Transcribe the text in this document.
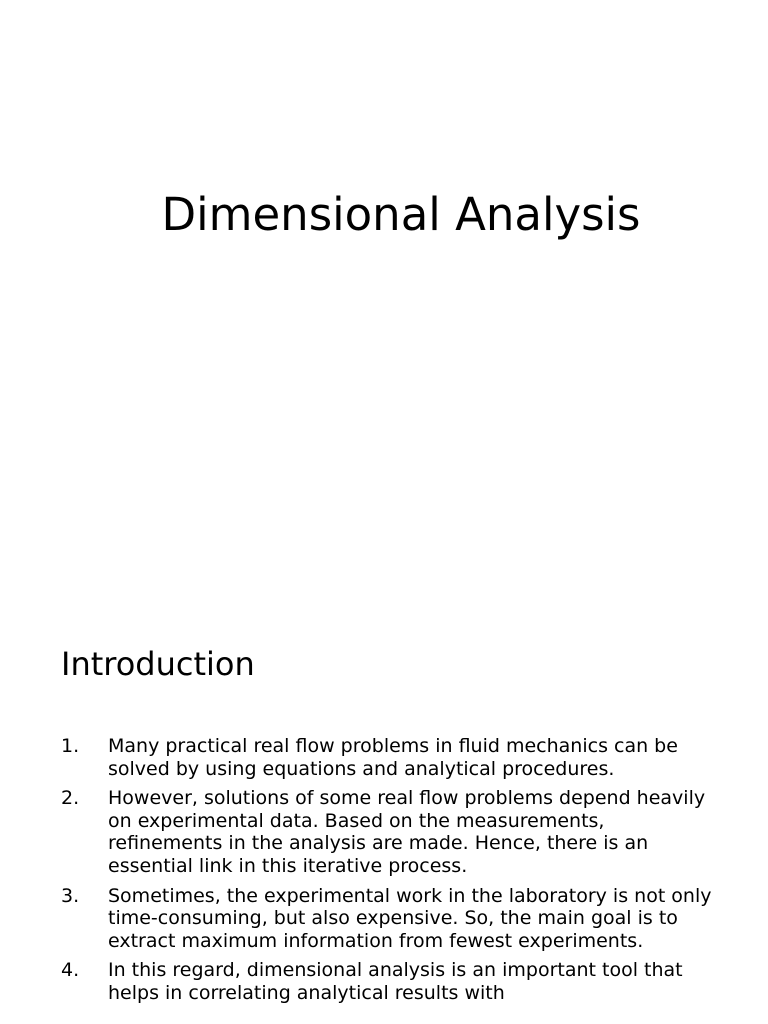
Dimensional Analysis
Introduction
1. Many practical real flow problems in fluid mechanics can be solved by using equations and analytical procedures.
2. However, solutions of some real flow problems depend heavily on experimental data. Based on the measurements, refinements in the analysis are made. Hence, there is an essential link in this iterative process.
3. Sometimes, the experimental work in the laboratory is not only time-consuming, but also expensive. So, the main goal is to extract maximum information from fewest experiments.
4. In this regard, dimensional analysis is an important tool that helps in correlating analytical results with
